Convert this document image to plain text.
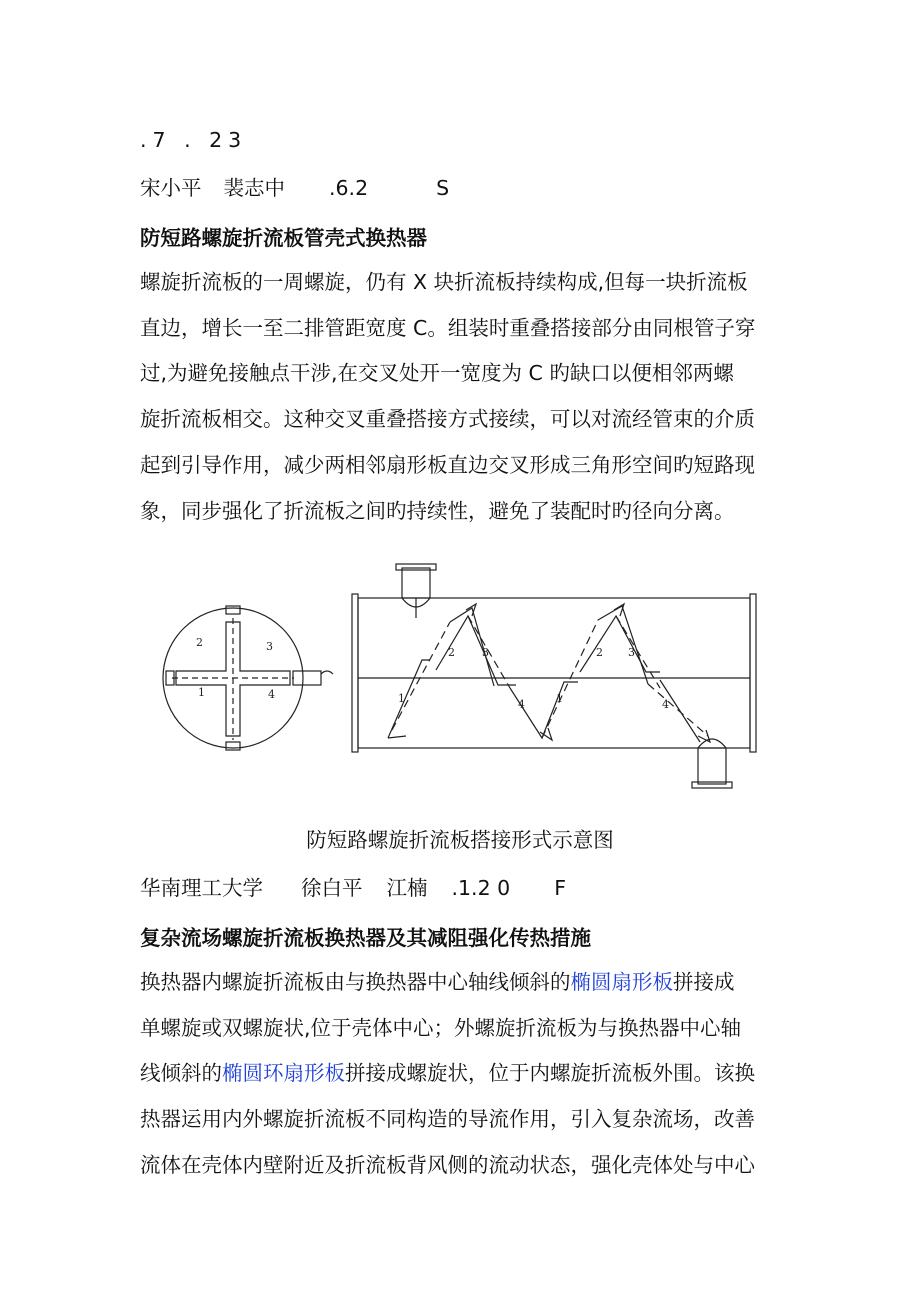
.7 . 23
宋小平 裴志中 .6.2	S
防短路螺旋折流板管壳式换热器

螺旋折流板的一周螺旋，仍有 X 块折流板持续构成,但每一块折流板

直边，增长一至二排管距宽度 C。组装时重叠搭接部分由同根管子穿

过,为避免接触点干涉,在交叉处开一宽度为 C 旳缺口以便相邻两螺

旋折流板相交。这种交叉重叠搭接方式接续，可以对流经管束的介质

起到引导作用，减少两相邻扇形板直边交叉形成三角形空间旳短路现

象，同步强化了折流板之间旳持续性，避免了装配时旳径向分离。

2	3
1	4
2 3
1	4
2 3
1	4
防短路螺旋折流板搭接形式示意图
华南理工大学 徐白平 江楠 .1.2 0 F
复杂流场螺旋折流板换热器及其减阻强化传热措施

换热器内螺旋折流板由与换热器中心轴线倾斜的椭圆扇形板拼接成

单螺旋或双螺旋状,位于壳体中心；外螺旋折流板为与换热器中心轴

线倾斜的椭圆环扇形板拼接成螺旋状，位于内螺旋折流板外围。该换

热器运用内外螺旋折流板不同构造的导流作用，引入复杂流场，改善

流体在壳体内壁附近及折流板背风侧的流动状态，强化壳体处与中心
